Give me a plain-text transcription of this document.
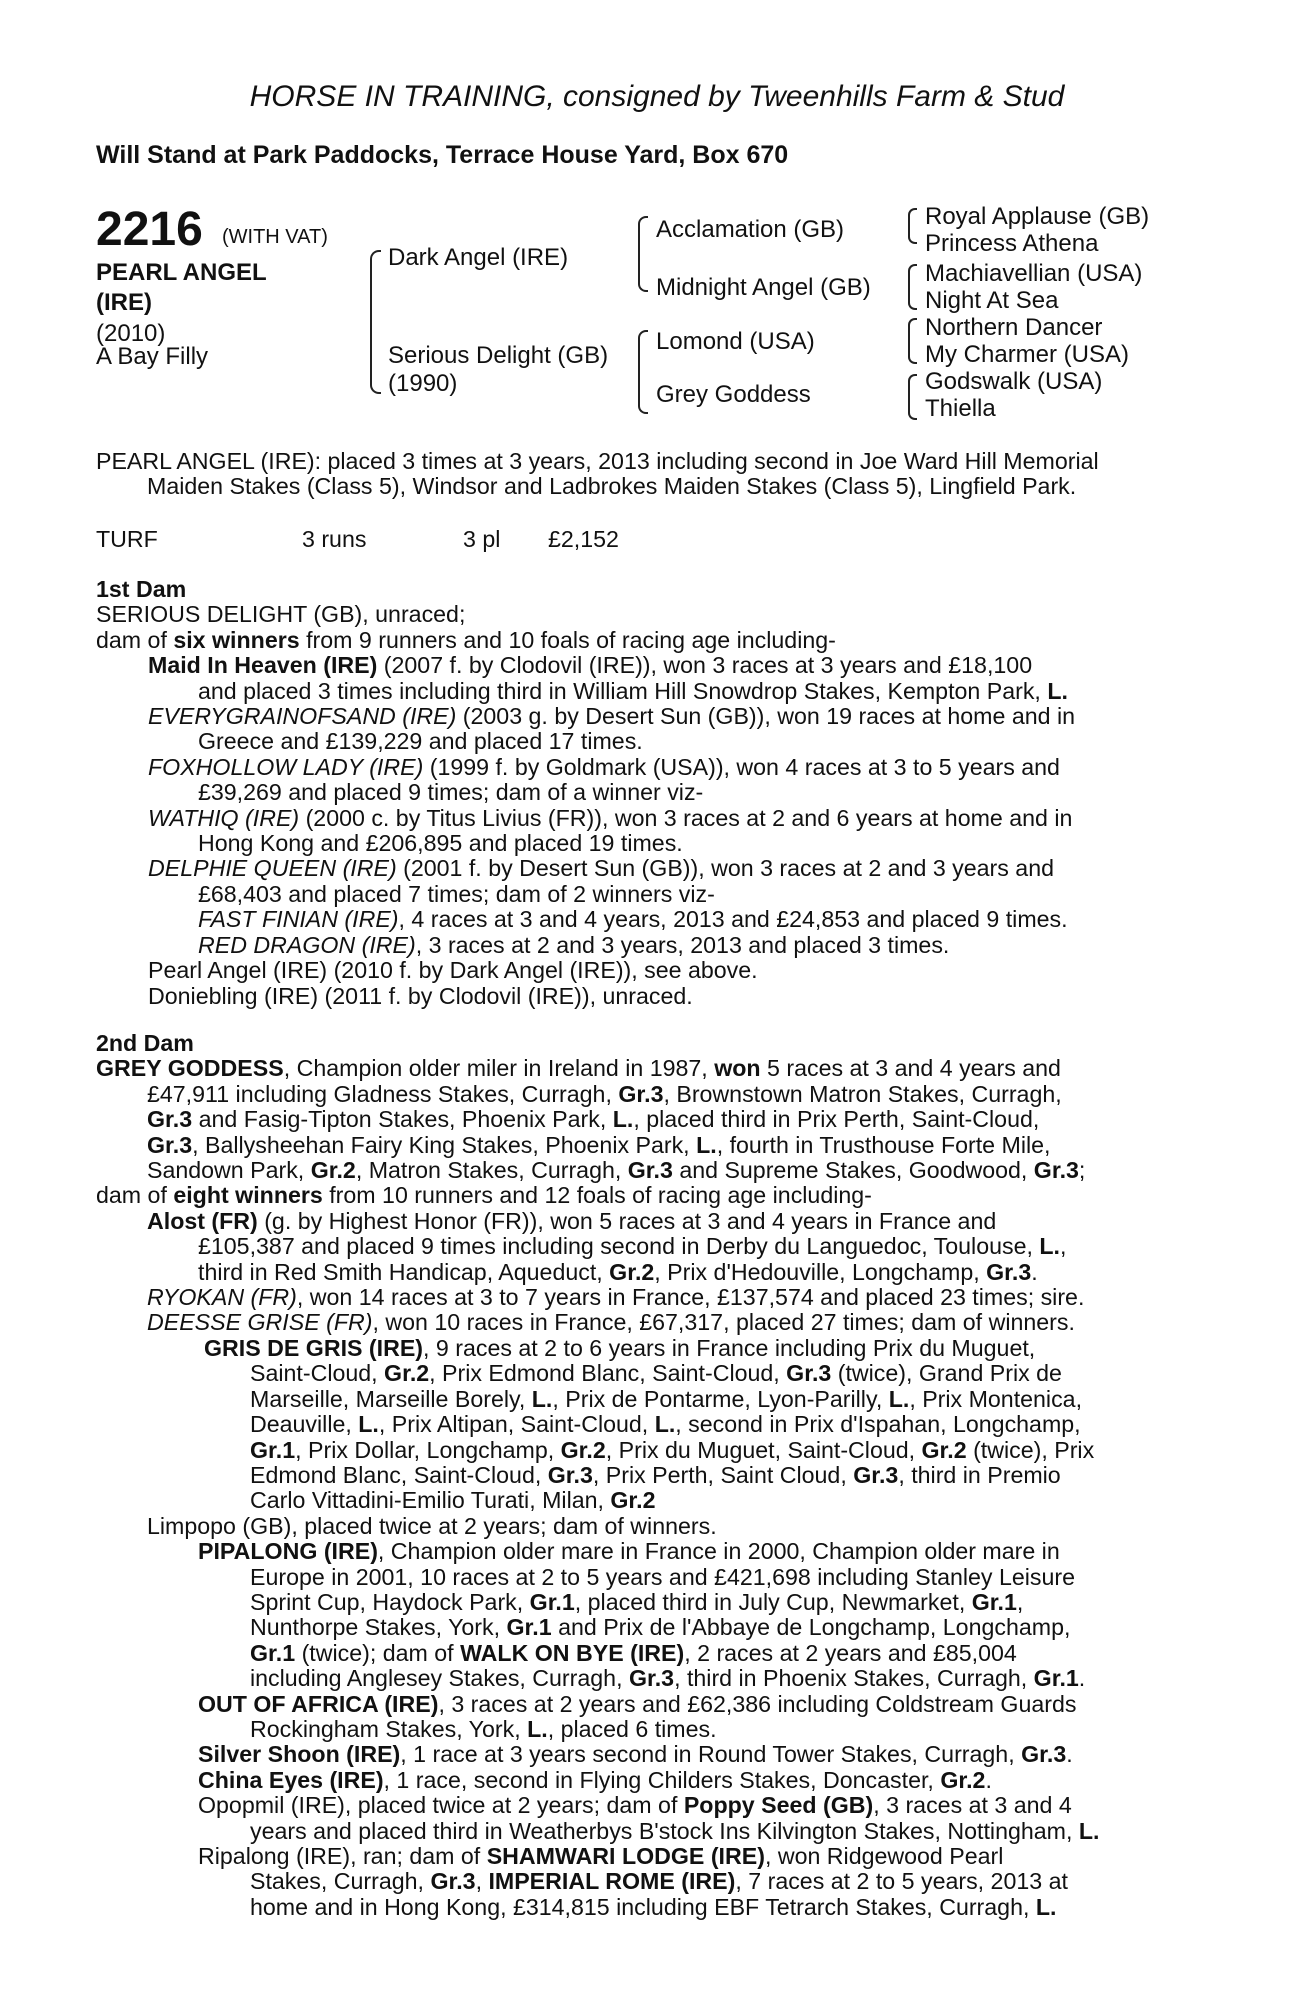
HORSE IN TRAINING, consigned by Tweenhills Farm & Stud
Will Stand at Park Paddocks, Terrace House Yard, Box 670
2216 (WITH VAT)
PEARL ANGEL
(IRE)
(2010)
A Bay Filly
Dark Angel (IRE)
Serious Delight (GB)
(1990)
Acclamation (GB)
Midnight Angel (GB)
Lomond (USA)
Grey Goddess
Royal Applause (GB)
Princess Athena
Machiavellian (USA)
Night At Sea
Northern Dancer
My Charmer (USA)
Godswalk (USA)
Thiella
PEARL ANGEL (IRE): placed 3 times at 3 years, 2013 including second in Joe Ward Hill Memorial
Maiden Stakes (Class 5), Windsor and Ladbrokes Maiden Stakes (Class 5), Lingfield Park.
TURF	3 runs	3 pl £2,152
1st Dam
SERIOUS DELIGHT (GB), unraced;
dam of six winners from 9 runners and 10 foals of racing age including-
Maid In Heaven (IRE) (2007 f. by Clodovil (IRE)), won 3 races at 3 years and £18,100
and placed 3 times including third in William Hill Snowdrop Stakes, Kempton Park, L.
EVERYGRAINOFSAND (IRE) (2003 g. by Desert Sun (GB)), won 19 races at home and in
Greece and £139,229 and placed 17 times.
FOXHOLLOW LADY (IRE) (1999 f. by Goldmark (USA)), won 4 races at 3 to 5 years and
£39,269 and placed 9 times; dam of a winner viz-
WATHIQ (IRE) (2000 c. by Titus Livius (FR)), won 3 races at 2 and 6 years at home and in
Hong Kong and £206,895 and placed 19 times.
DELPHIE QUEEN (IRE) (2001 f. by Desert Sun (GB)), won 3 races at 2 and 3 years and
£68,403 and placed 7 times; dam of 2 winners viz-
FAST FINIAN (IRE), 4 races at 3 and 4 years, 2013 and £24,853 and placed 9 times.
RED DRAGON (IRE), 3 races at 2 and 3 years, 2013 and placed 3 times.
Pearl Angel (IRE) (2010 f. by Dark Angel (IRE)), see above.
Doniebling (IRE) (2011 f. by Clodovil (IRE)), unraced.
2nd Dam
GREY GODDESS, Champion older miler in Ireland in 1987, won 5 races at 3 and 4 years and
£47,911 including Gladness Stakes, Curragh, Gr.3, Brownstown Matron Stakes, Curragh,
Gr.3 and Fasig-Tipton Stakes, Phoenix Park, L., placed third in Prix Perth, Saint-Cloud,
Gr.3, Ballysheehan Fairy King Stakes, Phoenix Park, L., fourth in Trusthouse Forte Mile,
Sandown Park, Gr.2, Matron Stakes, Curragh, Gr.3 and Supreme Stakes, Goodwood, Gr.3;
dam of eight winners from 10 runners and 12 foals of racing age including-
Alost (FR) (g. by Highest Honor (FR)), won 5 races at 3 and 4 years in France and
£105,387 and placed 9 times including second in Derby du Languedoc, Toulouse, L.,
third in Red Smith Handicap, Aqueduct, Gr.2, Prix d'Hedouville, Longchamp, Gr.3.
RYOKAN (FR), won 14 races at 3 to 7 years in France, £137,574 and placed 23 times; sire.
DEESSE GRISE (FR), won 10 races in France, £67,317, placed 27 times; dam of winners.
GRIS DE GRIS (IRE), 9 races at 2 to 6 years in France including Prix du Muguet,
Saint-Cloud, Gr.2, Prix Edmond Blanc, Saint-Cloud, Gr.3 (twice), Grand Prix de
Marseille, Marseille Borely, L., Prix de Pontarme, Lyon-Parilly, L., Prix Montenica,
Deauville, L., Prix Altipan, Saint-Cloud, L., second in Prix d'Ispahan, Longchamp,
Gr.1, Prix Dollar, Longchamp, Gr.2, Prix du Muguet, Saint-Cloud, Gr.2 (twice), Prix
Edmond Blanc, Saint-Cloud, Gr.3, Prix Perth, Saint Cloud, Gr.3, third in Premio
Carlo Vittadini-Emilio Turati, Milan, Gr.2
Limpopo (GB), placed twice at 2 years; dam of winners.
PIPALONG (IRE), Champion older mare in France in 2000, Champion older mare in
Europe in 2001, 10 races at 2 to 5 years and £421,698 including Stanley Leisure
Sprint Cup, Haydock Park, Gr.1, placed third in July Cup, Newmarket, Gr.1,
Nunthorpe Stakes, York, Gr.1 and Prix de l'Abbaye de Longchamp, Longchamp,
Gr.1 (twice); dam of WALK ON BYE (IRE), 2 races at 2 years and £85,004
including Anglesey Stakes, Curragh, Gr.3, third in Phoenix Stakes, Curragh, Gr.1.
OUT OF AFRICA (IRE), 3 races at 2 years and £62,386 including Coldstream Guards
Rockingham Stakes, York, L., placed 6 times.
Silver Shoon (IRE), 1 race at 3 years second in Round Tower Stakes, Curragh, Gr.3.
China Eyes (IRE), 1 race, second in Flying Childers Stakes, Doncaster, Gr.2.
Opopmil (IRE), placed twice at 2 years; dam of Poppy Seed (GB), 3 races at 3 and 4
years and placed third in Weatherbys B'stock Ins Kilvington Stakes, Nottingham, L.
Ripalong (IRE), ran; dam of SHAMWARI LODGE (IRE), won Ridgewood Pearl
Stakes, Curragh, Gr.3, IMPERIAL ROME (IRE), 7 races at 2 to 5 years, 2013 at
home and in Hong Kong, £314,815 including EBF Tetrarch Stakes, Curragh, L.
